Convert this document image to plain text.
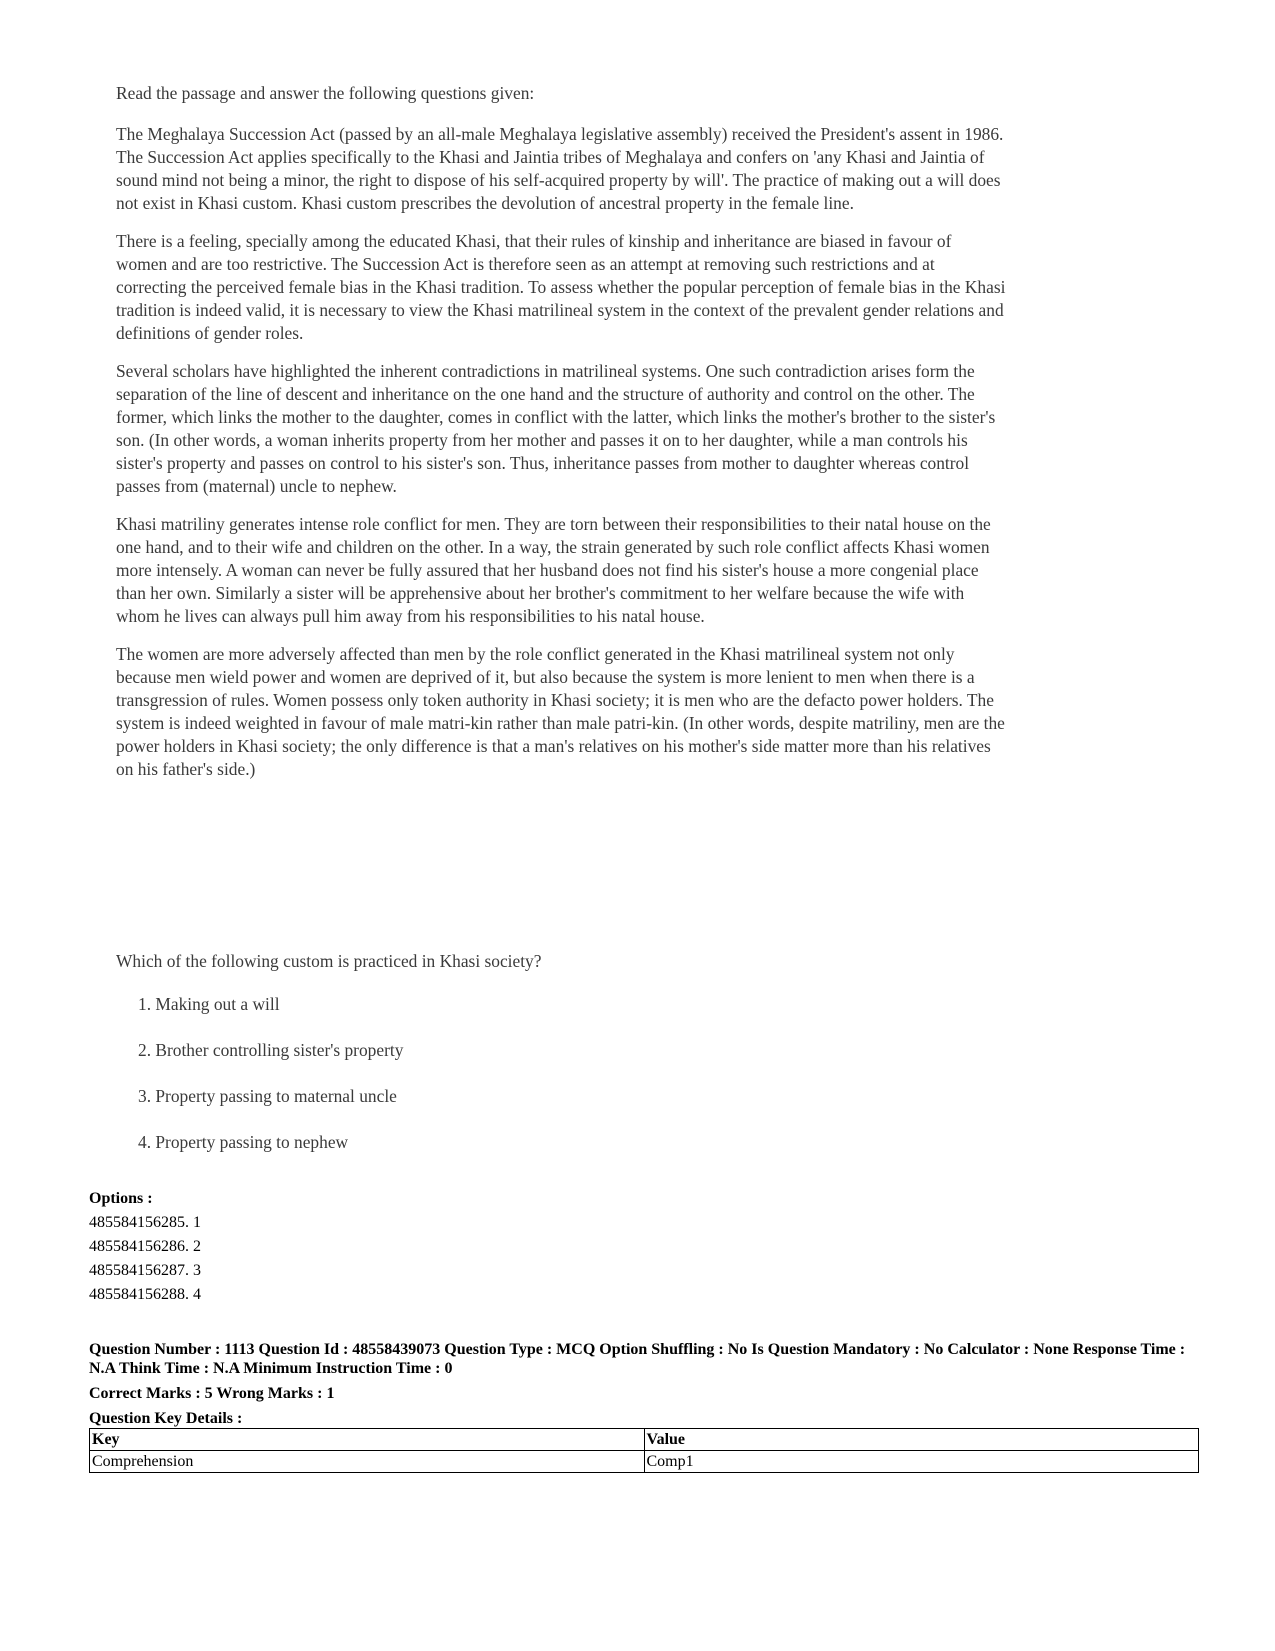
Read the passage and answer the following questions given:

The Meghalaya Succession Act (passed by an all-male Meghalaya legislative assembly) received the President's assent in 1986. The Succession Act applies specifically to the Khasi and Jaintia tribes of Meghalaya and confers on 'any Khasi and Jaintia of sound mind not being a minor, the right to dispose of his self-acquired property by will'. The practice of making out a will does not exist in Khasi custom. Khasi custom prescribes the devolution of ancestral property in the female line.

There is a feeling, specially among the educated Khasi, that their rules of kinship and inheritance are biased in favour of women and are too restrictive. The Succession Act is therefore seen as an attempt at removing such restrictions and at correcting the perceived female bias in the Khasi tradition. To assess whether the popular perception of female bias in the Khasi tradition is indeed valid, it is necessary to view the Khasi matrilineal system in the context of the prevalent gender relations and definitions of gender roles.

Several scholars have highlighted the inherent contradictions in matrilineal systems. One such contradiction arises form the separation of the line of descent and inheritance on the one hand and the structure of authority and control on the other. The former, which links the mother to the daughter, comes in conflict with the latter, which links the mother's brother to the sister's son. (In other words, a woman inherits property from her mother and passes it on to her daughter, while a man controls his sister's property and passes on control to his sister's son. Thus, inheritance passes from mother to daughter whereas control passes from (maternal) uncle to nephew.

Khasi matriliny generates intense role conflict for men. They are torn between their responsibilities to their natal house on the one hand, and to their wife and children on the other. In a way, the strain generated by such role conflict affects Khasi women more intensely. A woman can never be fully assured that her husband does not find his sister's house a more congenial place than her own. Similarly a sister will be apprehensive about her brother's commitment to her welfare because the wife with whom he lives can always pull him away from his responsibilities to his natal house.

The women are more adversely affected than men by the role conflict generated in the Khasi matrilineal system not only because men wield power and women are deprived of it, but also because the system is more lenient to men when there is a transgression of rules. Women possess only token authority in Khasi society; it is men who are the defacto power holders. The system is indeed weighted in favour of male matri-kin rather than male patri-kin. (In other words, despite matriliny, men are the power holders in Khasi society; the only difference is that a man's relatives on his mother's side matter more than his relatives on his father's side.)

Which of the following custom is practiced in Khasi society?

1. Making out a will
2. Brother controlling sister's property
3. Property passing to maternal uncle
4. Property passing to nephew
Options :
485584156285. 1
485584156286. 2
485584156287. 3
485584156288. 4
Question Number : 1113 Question Id : 48558439073 Question Type : MCQ Option Shuffling : No Is Question Mandatory : No Calculator : None Response Time : N.A Think Time : N.A Minimum Instruction Time : 0
Correct Marks : 5 Wrong Marks : 1
Question Key Details :
Key	Value
Comprehension	Comp1
